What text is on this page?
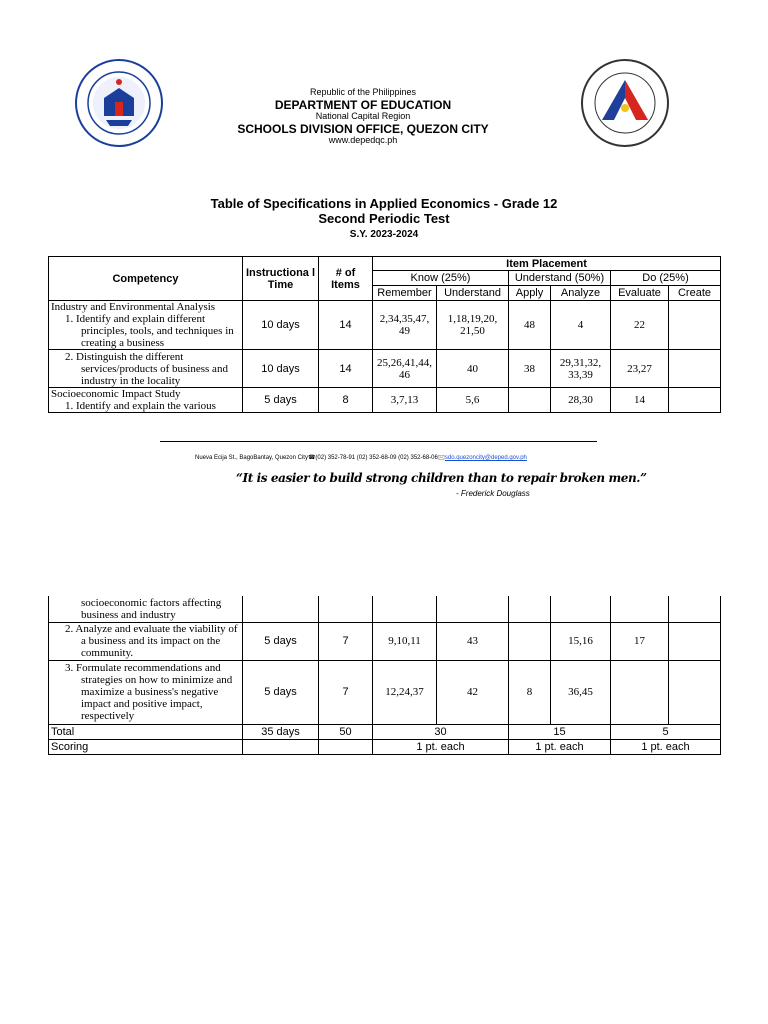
Republic of the Philippines
DEPARTMENT OF EDUCATION
National Capital Region
SCHOOLS DIVISION OFFICE, QUEZON CITY
www.depedqc.ph
Table of Specifications in Applied Economics - Grade 12
Second Periodic Test
S.Y. 2023-2024
Competency	Instructiona l Time	# of Items	Item Placement					
			Know (25%)		Understand (50%)		Do (25%)	
			Remember	Understand	Apply	Analyze	Evaluate	Create
Industry and Environmental Analysis
1. Identify and explain different principles, tools, and techniques in creating a business	10 days	14	2,34,35,47, 49	1,18,19,20, 21,50	48	4	22	

2. Distinguish the different services/products of business and industry in the locality	10 days	14	25,26,41,44, 46	40	38	29,31,32, 33,39	23,27	
Socioeconomic Impact Study
1. Identify and explain the various	5 days	8	3,7,13	5,6		28,30	14	
Nueva Ecija St., BagoBantay, Quezon City☎(02) 352-78-91 (02) 352-68-09 (02) 352-68-06🖂sdo.quezoncity@deped.gov.ph
“It is easier to build strong children than to repair broken men.”
- Frederick Douglass
socioeconomic factors affecting business and industry								

2. Analyze and evaluate the viability of a business and its impact on the community.	5 days	7	9,10,11	43		15,16	17	

3. Formulate recommendations and strategies on how to minimize and maximize a business's negative impact and positive impact, respectively	5 days	7	12,24,37	42	8	36,45		
Total	35 days	50	30		15		5	
Scoring			1 pt. each		1 pt. each		1 pt. each	
